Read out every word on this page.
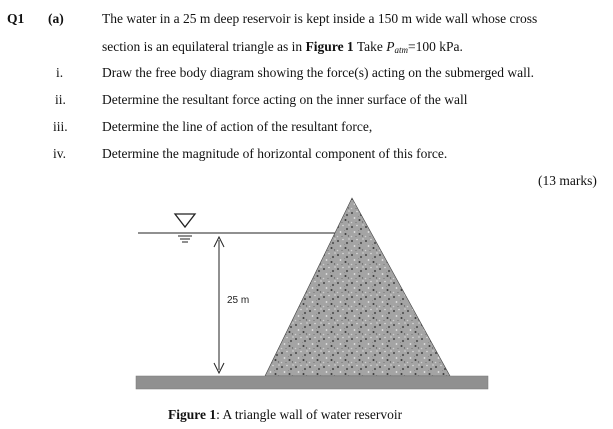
25 m
Q1 (a)	The water in a 25 m deep reservoir is kept inside a 150 m wide wall whose cross
section is an equilateral triangle as in Figure 1 Take $P_{atm}=100$ kPa.
i.	Draw the free body diagram showing the force(s) acting on the submerged wall.
ii.	Determine the resultant force acting on the inner surface of the wall
iii.	Determine the line of action of the resultant force,
iv.	Determine the magnitude of horizontal component of this force.
(13 marks)
Figure 1: A triangle wall of water reservoir
